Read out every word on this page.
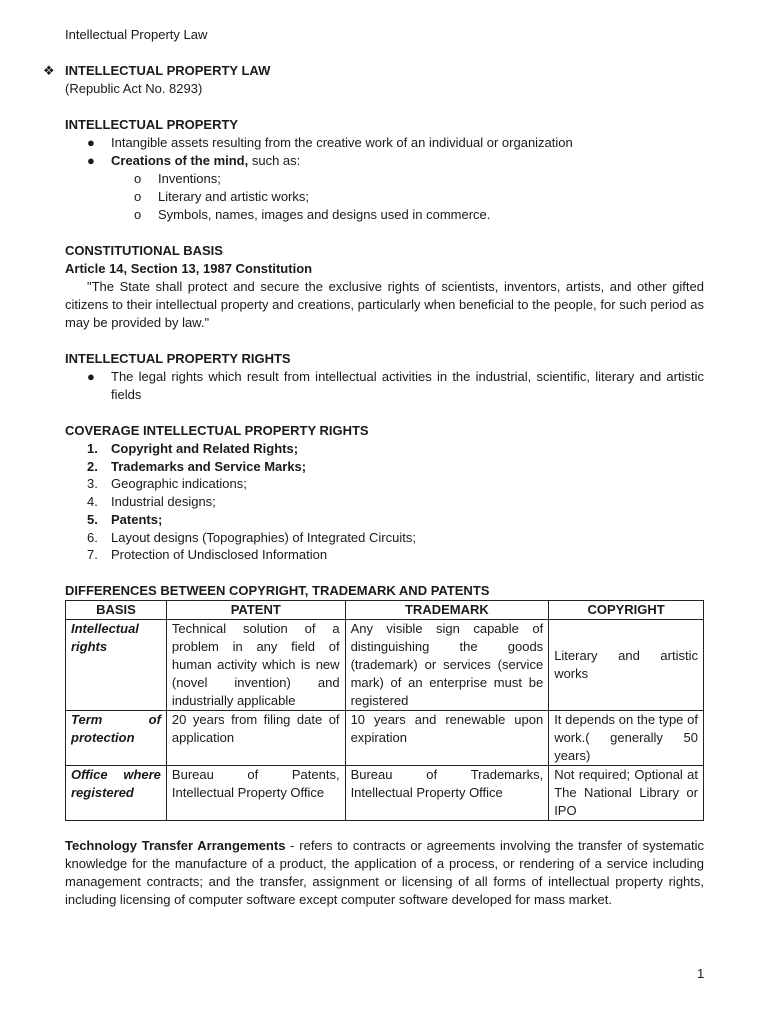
Intellectual Property Law
❖ INTELLECTUAL PROPERTY LAW
(Republic Act No. 8293)
INTELLECTUAL PROPERTY
● Intangible assets resulting from the creative work of an individual or organization
● Creations of the mind, such as:
o Inventions;
o Literary and artistic works;
o Symbols, names, images and designs used in commerce.
CONSTITUTIONAL BASIS
Article 14, Section 13, 1987 Constitution
"The State shall protect and secure the exclusive rights of scientists, inventors, artists, and other gifted citizens to their intellectual property and creations, particularly when beneficial to the people, for such period as may be provided by law."
INTELLECTUAL PROPERTY RIGHTS
● The legal rights which result from intellectual activities in the industrial, scientific, literary and artistic fields
COVERAGE INTELLECTUAL PROPERTY RIGHTS
1. Copyright and Related Rights;
2. Trademarks and Service Marks;
3. Geographic indications;
4. Industrial designs;
5. Patents;
6. Layout designs (Topographies) of Integrated Circuits;
7. Protection of Undisclosed Information
DIFFERENCES BETWEEN COPYRIGHT, TRADEMARK AND PATENTS
BASIS	PATENT	TRADEMARK	COPYRIGHT
Intellectual rights	Technical solution of a problem in any field of human activity which is new (novel invention) and industrially applicable	Any visible sign capable of distinguishing the goods (trademark) or services (service mark) of an enterprise must be registered	Literary and artistic works
Term of protection	20 years from filing date of application	10 years and renewable upon expiration	It depends on the type of work.( generally 50 years)
Office where registered	Bureau of Patents, Intellectual Property Office	Bureau of Trademarks, Intellectual Property Office	Not required; Optional at The National Library or IPO
Technology Transfer Arrangements - refers to contracts or agreements involving the transfer of systematic knowledge for the manufacture of a product, the application of a process, or rendering of a service including management contracts; and the transfer, assignment or licensing of all forms of intellectual property rights, including licensing of computer software except computer software developed for mass market.
1
